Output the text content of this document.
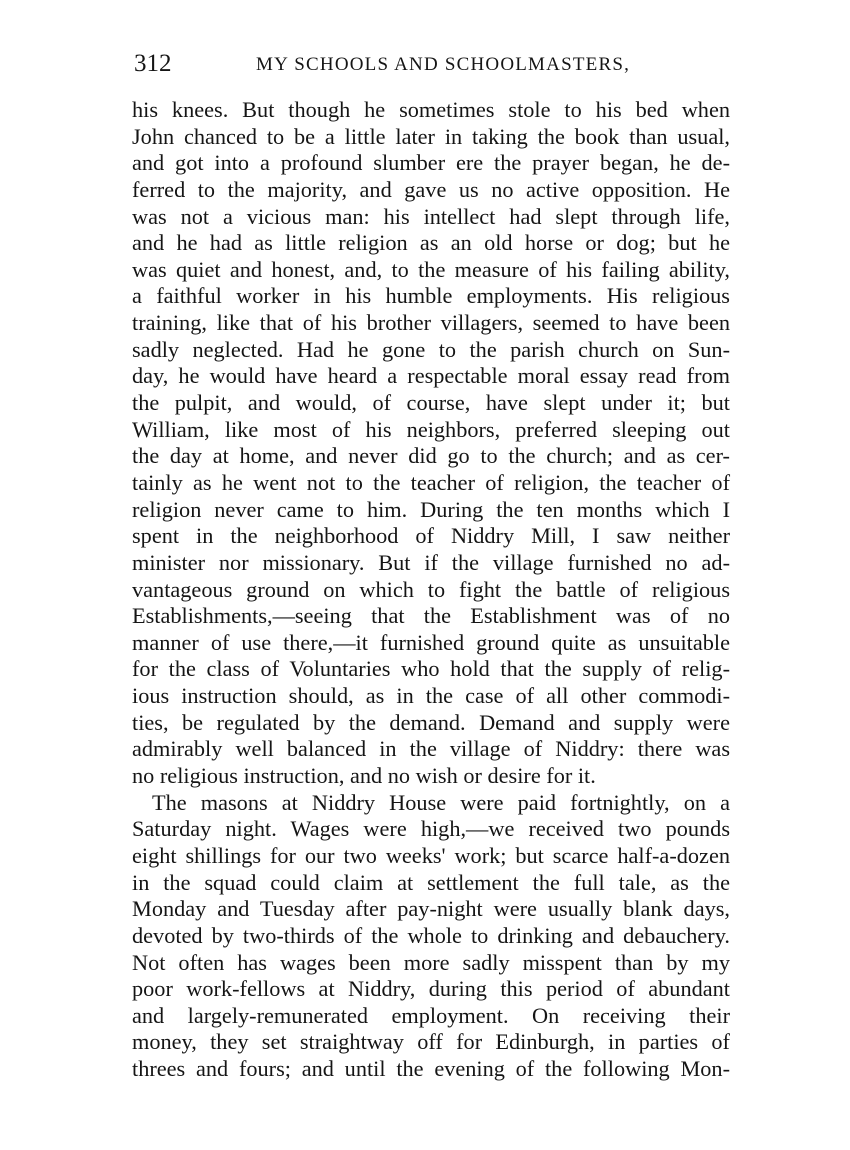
312	MY SCHOOLS AND SCHOOLMASTERS,
his knees. But though he sometimes stole to his bed when
John chanced to be a little later in taking the book than usual,
and got into a profound slumber ere the prayer began, he de-
ferred to the majority, and gave us no active opposition. He
was not a vicious man: his intellect had slept through life,
and he had as little religion as an old horse or dog; but he
was quiet and honest, and, to the measure of his failing ability,
a faithful worker in his humble employments. His religious
training, like that of his brother villagers, seemed to have been
sadly neglected. Had he gone to the parish church on Sun-
day, he would have heard a respectable moral essay read from
the pulpit, and would, of course, have slept under it; but
William, like most of his neighbors, preferred sleeping out
the day at home, and never did go to the church; and as cer-
tainly as he went not to the teacher of religion, the teacher of
religion never came to him. During the ten months which I
spent in the neighborhood of Niddry Mill, I saw neither
minister nor missionary. But if the village furnished no ad-
vantageous ground on which to fight the battle of religious
Establishments,—seeing that the Establishment was of no
manner of use there,—it furnished ground quite as unsuitable
for the class of Voluntaries who hold that the supply of relig-
ious instruction should, as in the case of all other commodi-
ties, be regulated by the demand. Demand and supply were
admirably well balanced in the village of Niddry: there was
no religious instruction, and no wish or desire for it.
The masons at Niddry House were paid fortnightly, on a
Saturday night. Wages were high,—we received two pounds
eight shillings for our two weeks' work; but scarce half-a-dozen
in the squad could claim at settlement the full tale, as the
Monday and Tuesday after pay-night were usually blank days,
devoted by two-thirds of the whole to drinking and debauchery.
Not often has wages been more sadly misspent than by my
poor work-fellows at Niddry, during this period of abundant
and largely-remunerated employment. On receiving their
money, they set straightway off for Edinburgh, in parties of
threes and fours; and until the evening of the following Mon-
